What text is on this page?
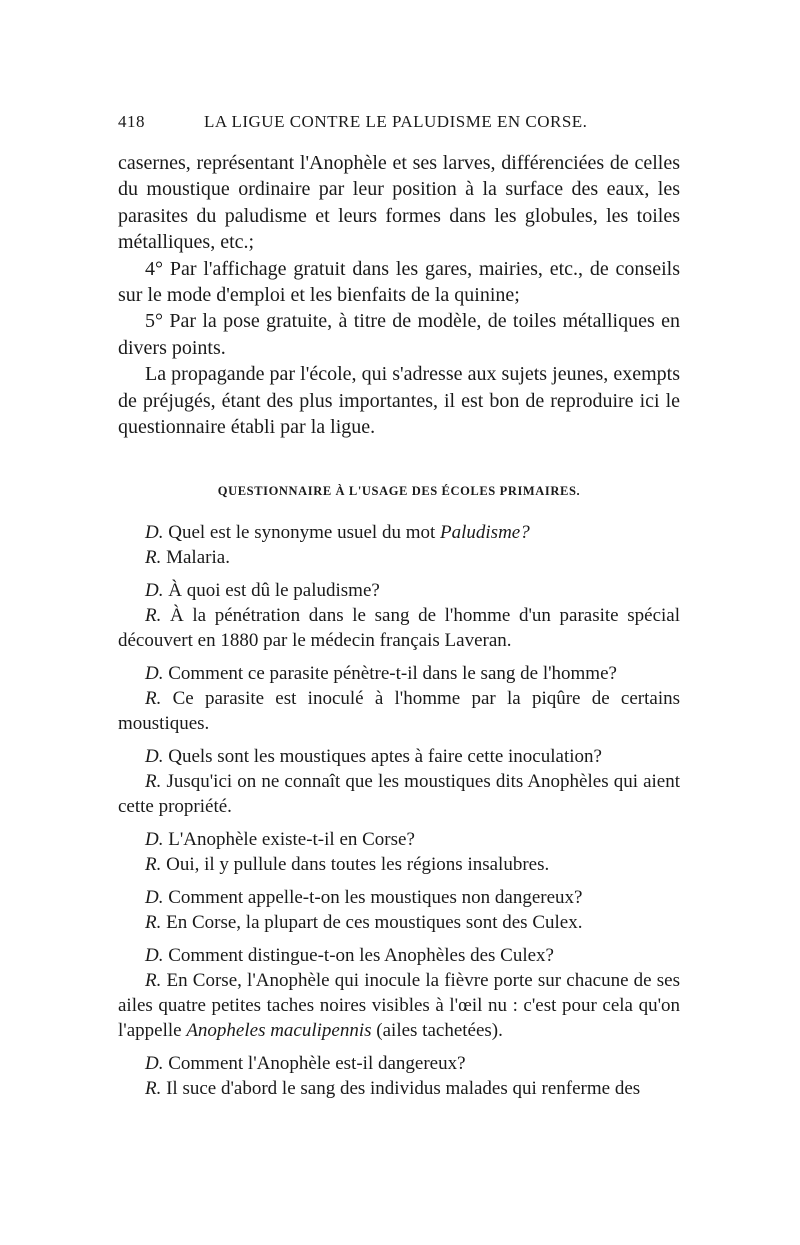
418	LA LIGUE CONTRE LE PALUDISME EN CORSE.

casernes, représentant l'Anophèle et ses larves, différenciées de celles du moustique ordinaire par leur position à la surface des eaux, les parasites du paludisme et leurs formes dans les globules, les toiles métalliques, etc.;

4° Par l'affichage gratuit dans les gares, mairies, etc., de conseils sur le mode d'emploi et les bienfaits de la quinine;

5° Par la pose gratuite, à titre de modèle, de toiles métalliques en divers points.

La propagande par l'école, qui s'adresse aux sujets jeunes, exempts de préjugés, étant des plus importantes, il est bon de reproduire ici le questionnaire établi par la ligue.

QUESTIONNAIRE À L'USAGE DES ÉCOLES PRIMAIRES.

D. Quel est le synonyme usuel du mot Paludisme?

R. Malaria.

D. À quoi est dû le paludisme?

R. À la pénétration dans le sang de l'homme d'un parasite spécial découvert en 1880 par le médecin français Laveran.

D. Comment ce parasite pénètre-t-il dans le sang de l'homme?

R. Ce parasite est inoculé à l'homme par la piqûre de certains moustiques.

D. Quels sont les moustiques aptes à faire cette inoculation?

R. Jusqu'ici on ne connaît que les moustiques dits Anophèles qui aient cette propriété.

D. L'Anophèle existe-t-il en Corse?

R. Oui, il y pullule dans toutes les régions insalubres.

D. Comment appelle-t-on les moustiques non dangereux?

R. En Corse, la plupart de ces moustiques sont des Culex.

D. Comment distingue-t-on les Anophèles des Culex?

R. En Corse, l'Anophèle qui inocule la fièvre porte sur chacune de ses ailes quatre petites taches noires visibles à l'œil nu : c'est pour cela qu'on l'appelle Anopheles maculipennis (ailes tachetées).

D. Comment l'Anophèle est-il dangereux?

R. Il suce d'abord le sang des individus malades qui renferme des
